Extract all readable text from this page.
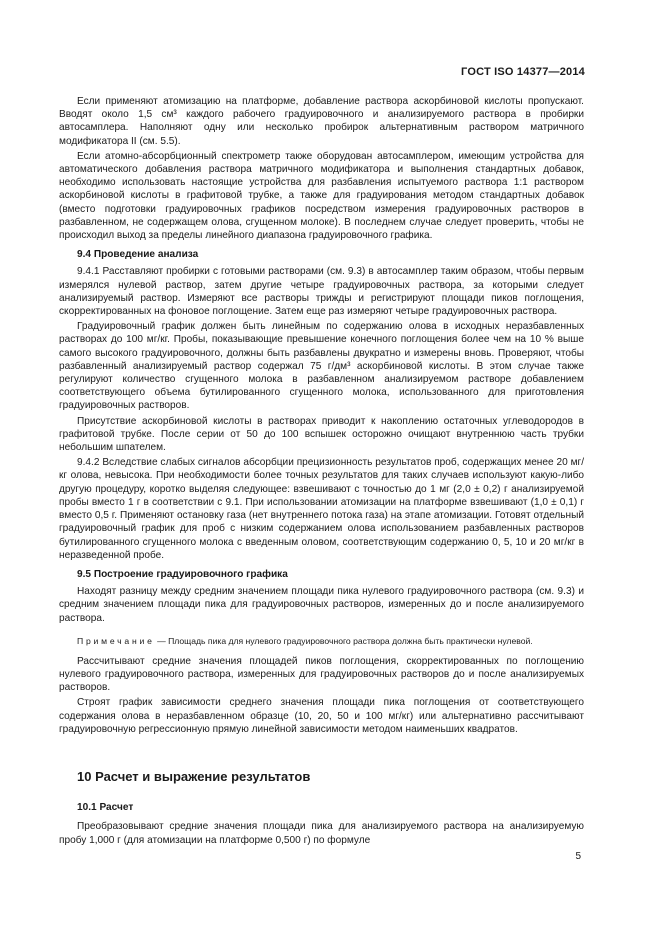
ГОСТ ISO 14377—2014

Если применяют атомизацию на платформе, добавление раствора аскорбиновой кислоты пропускают. Вводят около 1,5 см³ каждого рабочего градуировочного и анализируемого раствора в пробирки автосамплера. Наполняют одну или несколько пробирок альтернативным раствором матричного модификатора II (см. 5.5).

Если атомно-абсорбционный спектрометр также оборудован автосамплером, имеющим устройства для автоматического добавления раствора матричного модификатора и выполнения стандартных добавок, необходимо использовать настоящие устройства для разбавления испытуемого раствора 1:1 раствором аскорбиновой кислоты в графитовой трубке, а также для градуирования методом стандартных добавок (вместо подготовки градуировочных графиков посредством измерения градуировочных растворов в разбавленном, не содержащем олова, сгущенном молоке). В последнем случае следует проверить, чтобы не происходил выход за пределы линейного диапазона градуировочного графика.

9.4 Проведение анализа

9.4.1 Расставляют пробирки с готовыми растворами (см. 9.3) в автосамплер таким образом, чтобы первым измерялся нулевой раствор, затем другие четыре градуировочных раствора, за которыми следует анализируемый раствор. Измеряют все растворы трижды и регистрируют площади пиков поглощения, скорректированных на фоновое поглощение. Затем еще раз измеряют четыре градуировочных раствора.

Градуировочный график должен быть линейным по содержанию олова в исходных неразбавленных растворах до 100 мг/кг. Пробы, показывающие превышение конечного поглощения более чем на 10 % выше самого высокого градуировочного, должны быть разбавлены двукратно и измерены вновь. Проверяют, чтобы разбавленный анализируемый раствор содержал 75 г/дм³ аскорбиновой кислоты. В этом случае также регулируют количество сгущенного молока в разбавленном анализируемом растворе добавлением соответствующего объема бутилированного сгущенного молока, использованного для приготовления градуировочных растворов.

Присутствие аскорбиновой кислоты в растворах приводит к накоплению остаточных углеводородов в графитовой трубке. После серии от 50 до 100 вспышек осторожно очищают внутреннюю часть трубки небольшим шпателем.

9.4.2 Вследствие слабых сигналов абсорбции прецизионность результатов проб, содержащих менее 20 мг/кг олова, невысока. При необходимости более точных результатов для таких случаев используют какую-либо другую процедуру, коротко выделяя следующее: взвешивают с точностью до 1 мг (2,0 ± 0,2) г анализируемой пробы вместо 1 г в соответствии с 9.1. При использовании атомизации на платформе взвешивают (1,0 ± 0,1) г вместо 0,5 г. Применяют остановку газа (нет внутреннего потока газа) на этапе атомизации. Готовят отдельный градуировочный график для проб с низким содержанием олова использованием разбавленных растворов бутилированного сгущенного молока с введенным оловом, соответствующим содержанию 0, 5, 10 и 20 мг/кг в неразведенной пробе.

9.5 Построение градуировочного графика

Находят разницу между средним значением площади пика нулевого градуировочного раствора (см. 9.3) и средним значением площади пика для градуировочных растворов, измеренных до и после анализируемого раствора.

Примечание — Площадь пика для нулевого градуировочного раствора должна быть практически нулевой.

Рассчитывают средние значения площадей пиков поглощения, скорректированных по поглощению нулевого градуировочного раствора, измеренных для градуировочных растворов до и после анализируемых растворов.

Строят график зависимости среднего значения площади пика поглощения от соответствующего содержания олова в неразбавленном образце (10, 20, 50 и 100 мг/кг) или альтернативно рассчитывают градуировочную регрессионную прямую линейной зависимости методом наименьших квадратов.

10 Расчет и выражение результатов
10.1 Расчет

Преобразовывают средние значения площади пика для анализируемого раствора на анализируемую пробу 1,000 г (для атомизации на платформе 0,500 г) по формуле

5
